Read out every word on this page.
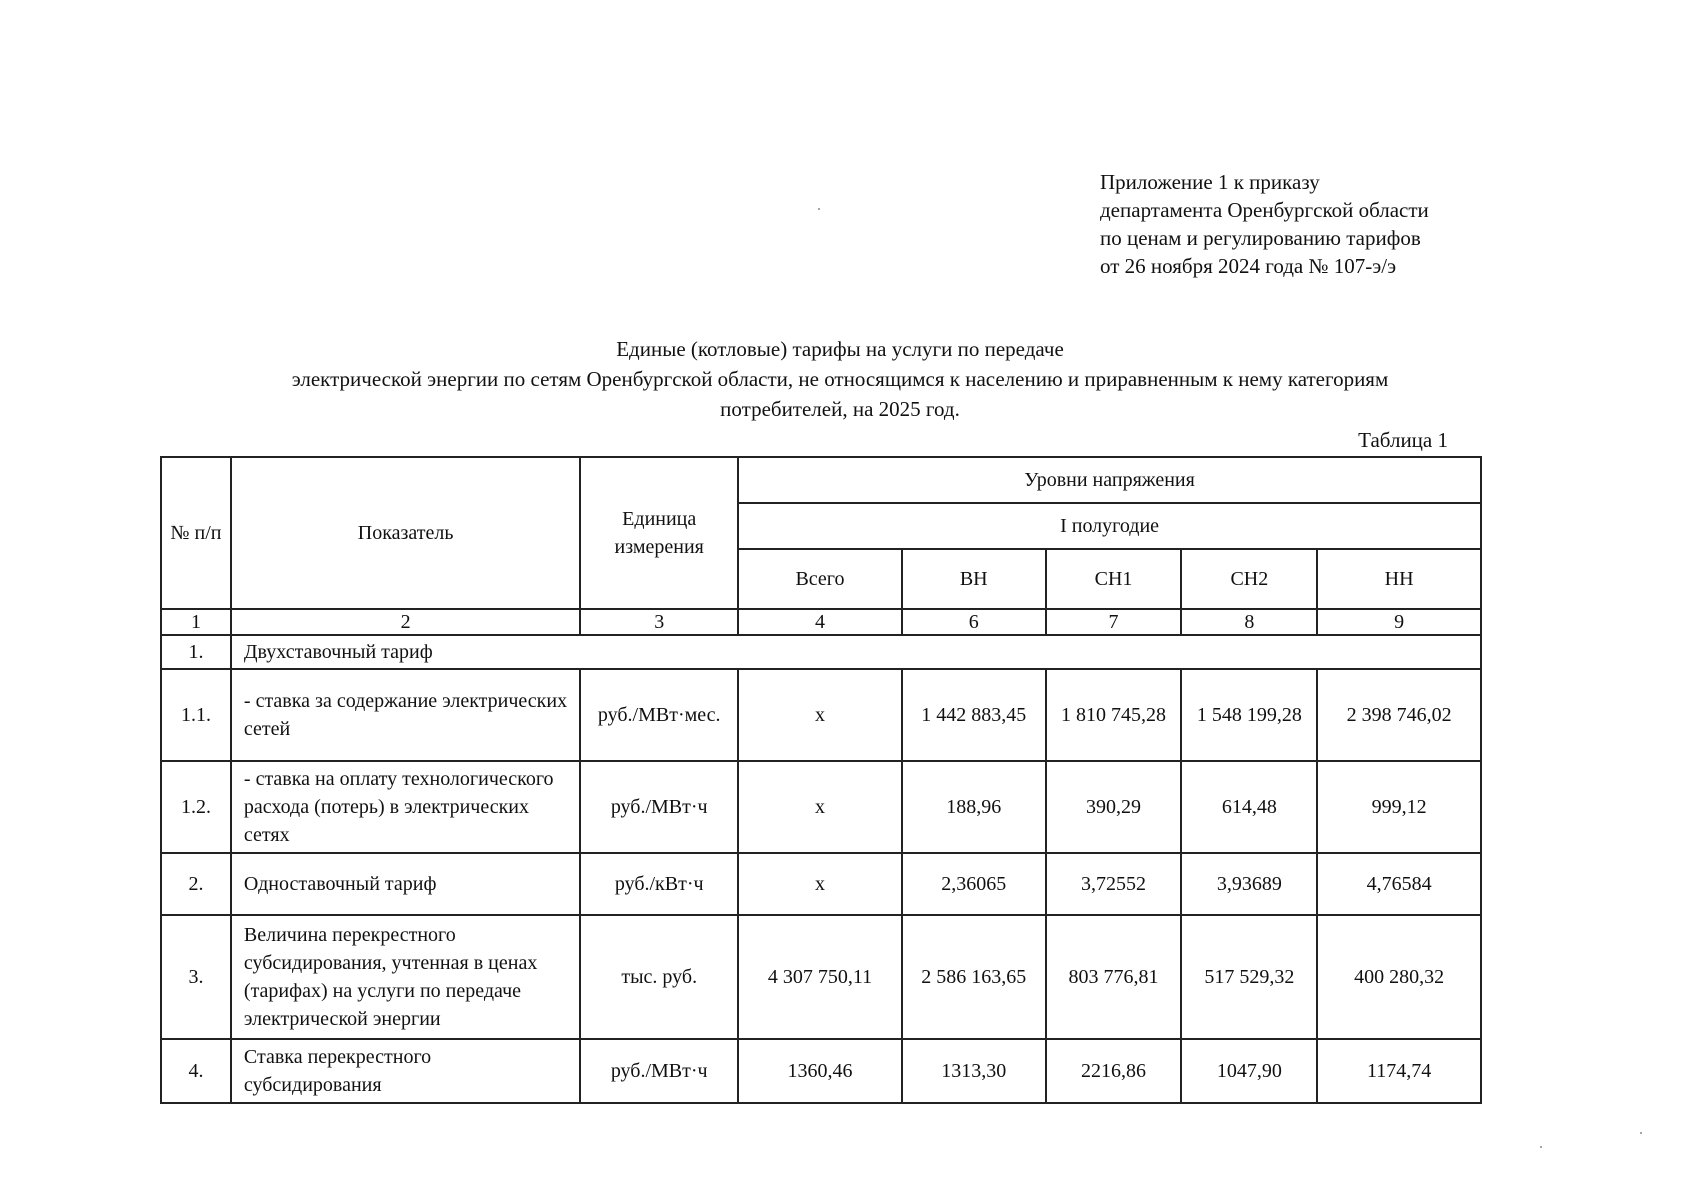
Приложение 1 к приказу
департамента Оренбургской области
по ценам и регулированию тарифов
от 26 ноября 2024 года № 107-э/э
Единые (котловые) тарифы на услуги по передаче
электрической энергии по сетям Оренбургской области, не относящимся к населению и приравненным к нему категориям
потребителей, на 2025 год.
Таблица 1
№ п/п	Показатель	Единица измерения	Уровни напряжения				
			I полугодие				
			Всего	ВН	СН1	СН2	НН
1	2	3	4	6	7	8	9
1.	Двухставочный тариф						
1.1.	- ставка за содержание электрических сетей	руб./МВт·мес.	х	1 442 883,45	1 810 745,28	1 548 199,28	2 398 746,02
1.2.	- ставка на оплату технологического расхода (потерь) в электрических сетях	руб./МВт·ч	х	188,96	390,29	614,48	999,12
2.	Одноставочный тариф	руб./кВт·ч	х	2,36065	3,72552	3,93689	4,76584
3.	Величина перекрестного субсидирования, учтенная в ценах (тарифах) на услуги по передаче электрической энергии	тыс. руб.	4 307 750,11	2 586 163,65	803 776,81	517 529,32	400 280,32
4.	Ставка перекрестного субсидирования	руб./МВт·ч	1360,46	1313,30	2216,86	1047,90	1174,74
